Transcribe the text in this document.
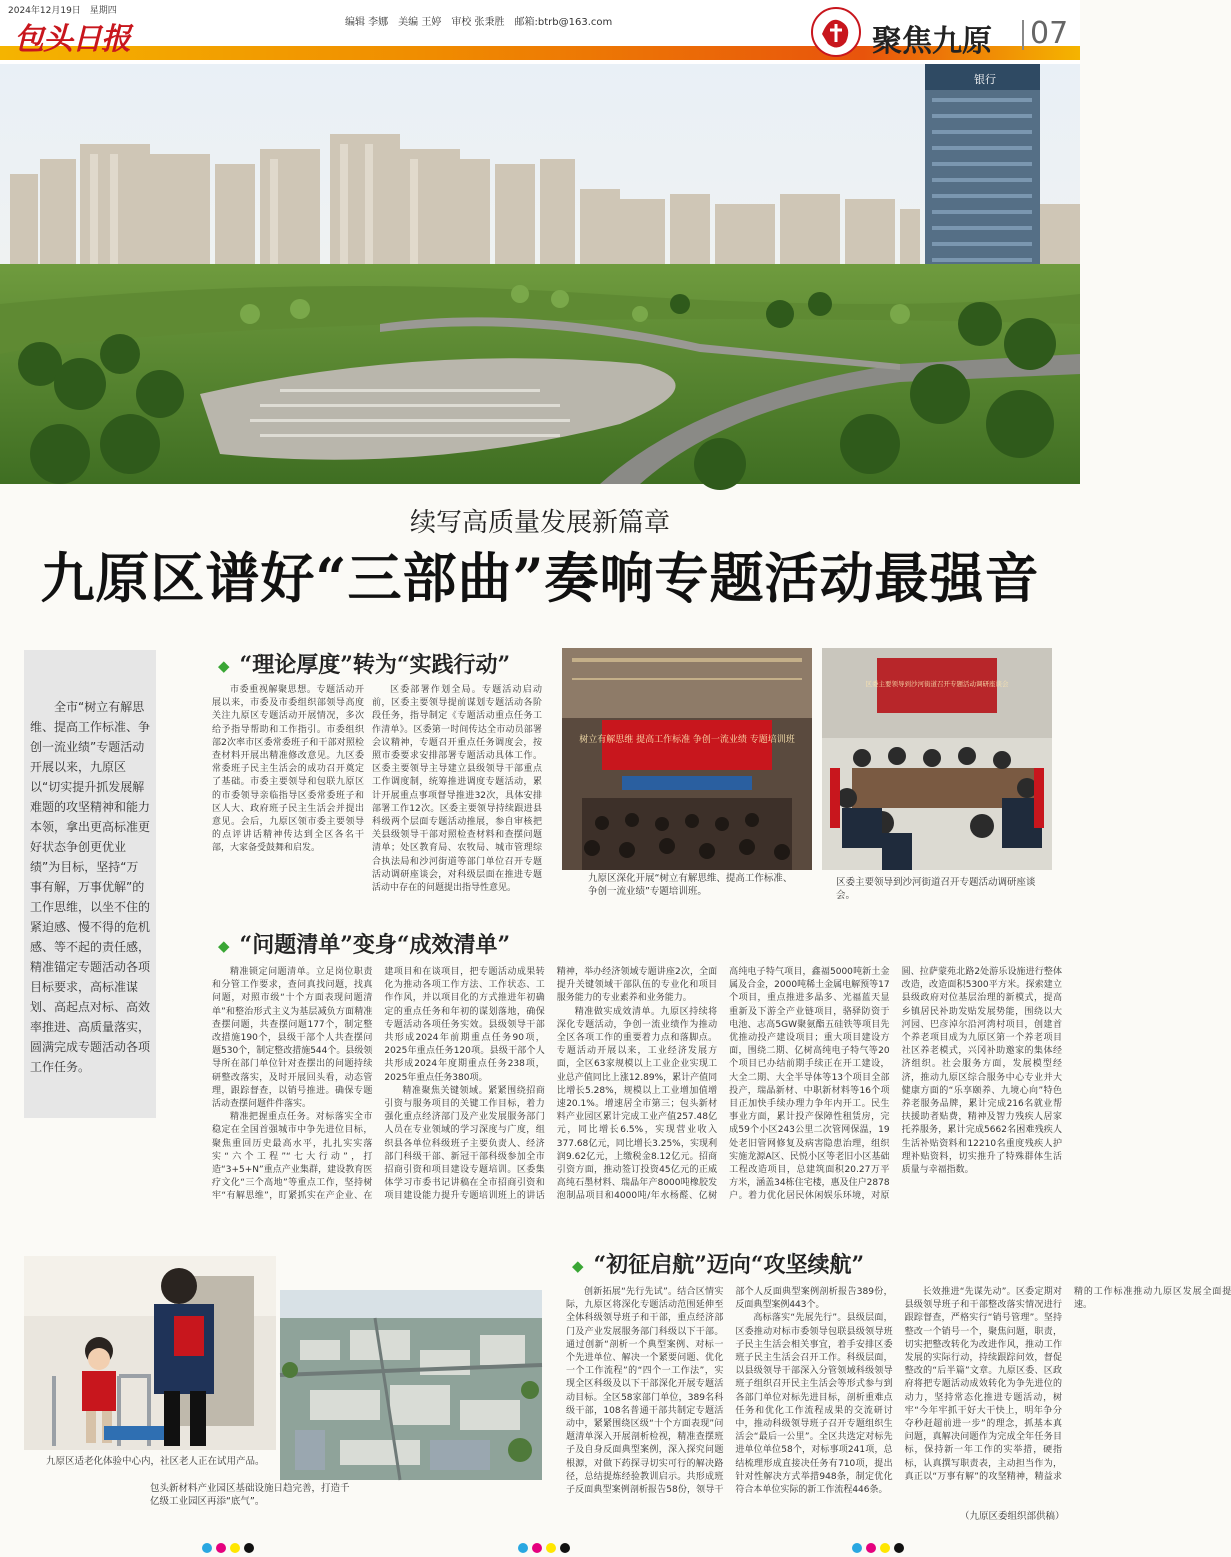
2024年12月19日　星期四
包头日报	编辑 李娜　美编 王婷　审校 张秉胜　邮箱:btrb@163.com
聚焦九原 07
银行
续写高质量发展新篇章
九原区谱好“三部曲”奏响专题活动最强音
全市“树立有解思维、提高工作标准、争创一流业绩”专题活动开展以来，九原区以“切实提升抓发展解难题的攻坚精神和能力本领，拿出更高标准更好状态争创更优业绩”为目标，坚持“万事有解，万事优解”的工作思维，以坐不住的紧迫感、慢不得的危机感、等不起的责任感，精准锚定专题活动各项目标要求，高标准谋划、高起点对标、高效率推进、高质量落实，圆满完成专题活动各项工作任务。
◆ “理论厚度”转为“实践行动”

市委重视解聚思想。专题活动开展以来，市委及市委组织部领导高度关注九原区专题活动开展情况，多次给予指导帮助和工作指引。市委组织部2次率市区委常委班子和干部对照检查材料开展出精准修改意见。九区委常委班子民主生活会的成功召开奠定了基础。市委主要领导和包联九原区的市委领导亲临指导区委常委班子和区人大、政府班子民主生活会并提出意见。会后，九原区领市委主要领导的点评讲话精神传达到全区各名干部，大家备受鼓舞和启发。

区委部署作划全局。专题活动启动前，区委主要领导提前谋划专题活动各阶段任务，指导制定《专题活动重点任务工作清单》。区委第一时间传达全市动员部署会议精神，专题召开重点任务调度会，按照市委要求安排部署专题活动具体工作。区委主要领导主导建立县级领导干部重点工作调度制，统筹推进调度专题活动，累计开展重点事项督导推进32次，具体安排部署工作12次。区委主要领导持续跟进县科级两个层面专题活动推展，参自审核把关县级领导干部对照检查材料和查摆问题清单；处区教育局、农牧局、城市管理综合执法局和沙河街道等部门单位召开专题活动调研座谈会，对科级层面在推进专题活动中存在的问题提出指导性意见。

树立有解思维 提高工作标准 争创一流业绩 专题培训班
九原区深化开展“树立有解思维、提高工作标准、争创一流业绩”专题培训班。
区委主要领导到沙河街道召开专题活动调研座谈会
区委主要领导到沙河街道召开专题活动调研座谈会。
◆ “问题清单”变身“成效清单”

精准锁定问题清单。立足岗位职责和分管工作要求，查问真找问题，找真问题，对照市级“十个方面表现问题清单”和整治形式主义为基层减负方面精准查摆问题，共查摆问题177个，制定整改措施190个，县级干部个人共查摆问题530个，制定整改措施544个。县级领导所在部门单位针对查摆出的问题持续研整改落实，及时开展回头看，动态管理，跟踪督查，以销号推进。确保专题活动查摆问题件件落实。

精准把握重点任务。对标落实全市稳定在全国首强城市中争先进位目标，聚焦重回历史最高水平，扎扎实实落实“六个工程”“七大行动”，打造“3+5+N”重点产业集群，建设教育医疗文化“三个高地”等重点工作，坚持树牢“有解思维”，盯紧抓实在产企业、在建项目和在谈项目，把专题活动成果转化为推动各项工作方法、工作状态、工作作风，并以项目化的方式推进年初确定的重点任务和年初的谋划落地，确保专题活动各项任务实效。县级领导干部共形成2024年前期重点任务90项，2025年重点任务120项。县级干部个人共形成2024年度期重点任务238项，2025年重点任务380项。

精准聚焦关键领域。紧紧围绕招商引资与服务项目的关键工作目标，着力强化重点经济部门及产业发展服务部门人员在专业领域的学习深度与广度，组织县各单位科级班子主要负责人、经济部门科级干部、新冠干部科级参加全市招商引资和项目建设专题培训。区委集体学习市委书记讲稿在全市招商引资和项目建设能力提升专题培训班上的讲话精神，举办经济领域专题讲座2次，全面提升关键领域干部队伍的专业化和项目服务能力的专业素养和业务能力。

精准做实成效清单。九原区持续将深化专题活动，争创一流业绩作为推动全区各项工作的重要着力点和落脚点。专题活动开展以来，工业经济发展方面，全区63家规模以上工业企业实现工业总产值同比上涨12.89%，累计产值同比增长5.28%，规模以上工业增加值增速20.1%。增速居全市第三；包头新材料产业园区累计完成工业产值257.48亿元，同比增长6.5%，实现营业收入377.68亿元，同比增长3.25%，实现利润9.62亿元，上缴税金8.12亿元。招商引资方面，推动签订投资45亿元的正威高纯石墨材料、瑞晶年产8000吨橡胶发泡制品项目和4000吨/年水杨醛、亿树高纯电子特气项目，鑫福5000吨新土金属及合金，2000吨稀土金属电解预等17个项目，重点推进多晶多、光福蓝天显重新及下游全产业链项目，骆驿防资于电池、志高5GW聚氨酯五硅铁等项目先优推动投产建设项目；重大项目建设方面，围绕二期、亿树高纯电子特气等20个项目已办结前期手续正在开工建设，大全二期、大全半导体等13个项目全部投产，瑞晶新材、中职新材料等16个项目正加快手续办理力争年内开工。民生事业方面，累计投产保障性租赁房，完成59个小区243公里二次管网保温，19处老旧管网修复及病害隐患治理，组织实施龙源A区、民悦小区等老旧小区基础工程改造项目，总建筑面积20.27万平方米，涵盖34栋住宅楼，惠及住户2878户。着力优化居民休闲娱乐环境，对原圆、拉萨蒙苑北路2处游乐设施进行整体改造，改造面积5300平方米。探索建立县级政府对位基层治理的新模式，提高乡镇居民补助发贴发展势能，围绕以大河园、巴彦淖尔沿河湾村项目，创建首个养老项目成为九原区第一个养老项目社区养老模式，兴冈补助邀家的集体经济组织。社会服务方面，发展模型经济，推动九原区综合服务中心专业并大健康方面的“乐享颐养、九境心向”特色养老服务品牌，累计完成216名就业帮扶援助者贴费，精神及智力残疾人居家托养服务，累计完成5662名困难残疾人生活补贴资料和12210名重度残疾人护理补贴资料，切实推升了特殊群体生活质量与幸福指数。

九原区适老化体验中心内，社区老人正在试用产品。
包头新材料产业园区基础设施日趋完善，打造千亿级工业园区再添“底气”。
◆ “初征启航”迈向“攻坚续航”

创新拓展“先行先试”。结合区情实际，九原区将深化专题活动范围延伸至全体科级领导班子和干部，重点经济部门及产业发展服务部门科级以下干部。通过创新“剖析一个典型案例、对标一个先进单位、解决一个紧要问题、优化一个工作流程”的“四个一工作法”，实现全区科级及以下干部深化开展专题活动目标。全区58家部门单位，389名科级干部，108名普通干部共制定专题活动中，紧紧围绕区级“十个方面表现”问题清单深入开展剖析检视，精准查摆班子及自身反面典型案例，深入探究问题根源，对做下药探寻切实可行的解决路径，总结提炼经验教训启示。共形成班子反面典型案例剖析报告58份，领导干部个人反面典型案例剖析报告389份，反面典型案例443个。

高标落实“先展先行”。县级层面，区委推动对标市委领导包联县级领导班子民主生活会相关事宜，着手安排区委班子民主生活会召开工作。科级层面，以县级领导干部深入分管领域科级领导班子组织召开民主生活会等形式参与到各部门单位对标先进目标，剖析重难点任务和优化工作流程成果的交流研讨中，推动科级领导班子召开专题组织生活会“最后一公里”。全区共选定对标先进单位单位58个，对标事项241项，总结梳理形成直接决任务有710项，提出针对性解决方式举措948条，制定优化符合本单位实际的新工作流程446条。

长效推进“先谋先动”。区委定期对县级领导班子和干部整改落实情况进行跟踪督查，严格实行“销号管理”。坚持整改一个销号一个，聚焦问题，职责，切实把整改转化为改进作风，推动工作发展的实际行动，持续跟踪问效，督促整改的“后半篇”文章。九原区委、区政府将把专题活动成效转化为争先进位的动力，坚持常态化推进专题活动，树牢“今年牢抓干好大干快上，明年争分夺秒赶超前进一步”的理念，抓基本真问题，真解决问题作为完成全年任务目标，保持新一年工作的实举措，硬指标，认真撰写职责表，主动担当作为，真正以“万事有解”的攻坚精神，精益求精的工作标准推动九原区发展全面提速。

（九原区委组织部供稿）
